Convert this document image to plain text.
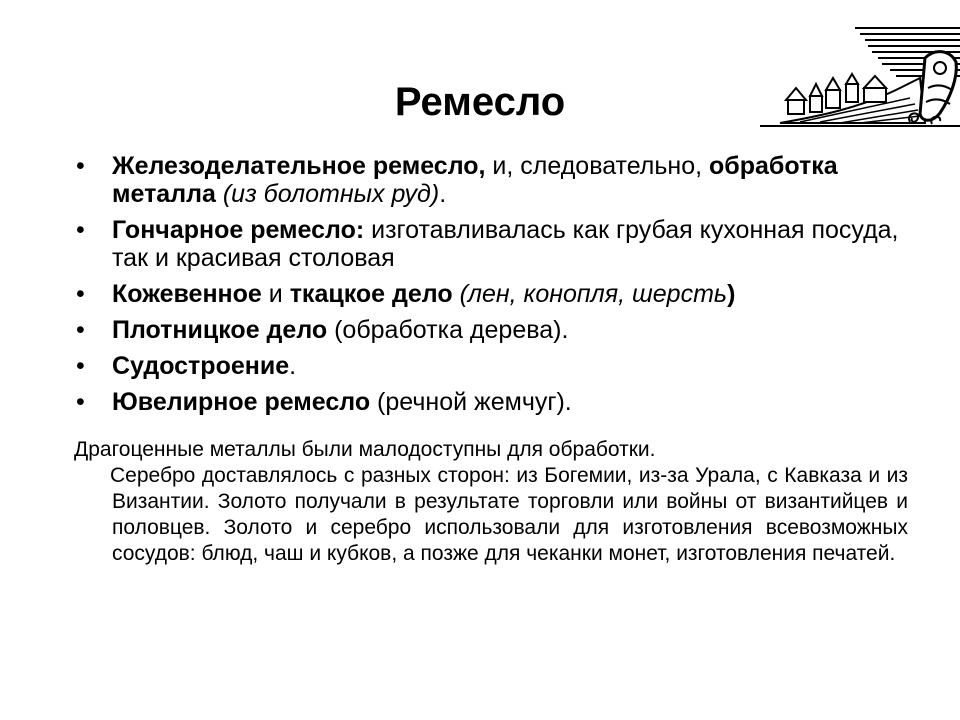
Ремесло
• Железоделательное ремесло, и, следовательно, обработка металла (из болотных руд).
• Гончарное ремесло: изготавливалась как грубая кухонная посуда, так и красивая столовая
• Кожевенное и ткацкое дело (лен, конопля, шерсть)
• Плотницкое дело (обработка дерева).
• Судостроение.
• Ювелирное ремесло (речной жемчуг).
Драгоценные металлы были малодоступны для обработки.
Серебро доставлялось с разных сторон: из Богемии, из-за Урала, с Кавказа и из Византии. Золото получали в результате торговли или войны от византийцев и половцев. Золото и серебро использовали для изготовления всевозможных сосудов: блюд, чаш и кубков, а позже для чеканки монет, изготовления печатей.
